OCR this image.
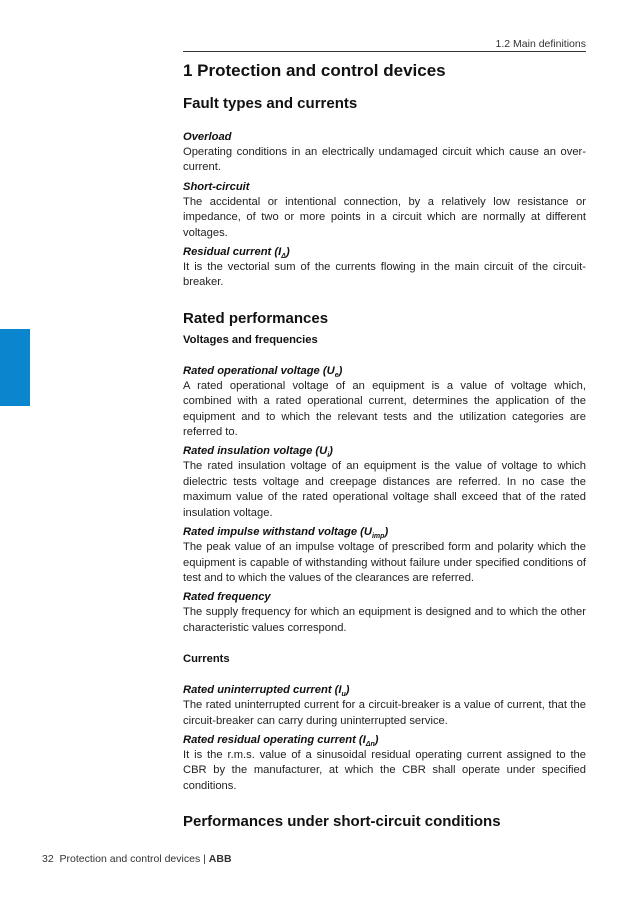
1.2 Main definitions
1 Protection and control devices
Fault types and currents
Overload
Operating conditions in an electrically undamaged circuit which cause an over-current.
Short-circuit
The accidental or intentional connection, by a relatively low resistance or impedance, of two or more points in a circuit which are normally at different voltages.
Residual current $(I_\Delta)$
It is the vectorial sum of the currents flowing in the main circuit of the circuit-breaker.
Rated performances
Voltages and frequencies
Rated operational voltage $(U_e)$
A rated operational voltage of an equipment is a value of voltage which, combined with a rated operational current, determines the application of the equipment and to which the relevant tests and the utilization categories are referred to.
Rated insulation voltage $(U_i)$
The rated insulation voltage of an equipment is the value of voltage to which dielectric tests voltage and creepage distances are referred. In no case the maximum value of the rated operational voltage shall exceed that of the rated insulation voltage.
Rated impulse withstand voltage $(U_{imp})$
The peak value of an impulse voltage of prescribed form and polarity which the equipment is capable of withstanding without failure under specified conditions of test and to which the values of the clearances are referred.
Rated frequency
The supply frequency for which an equipment is designed and to which the other characteristic values correspond.
Currents
Rated uninterrupted current $(I_u)$
The rated uninterrupted current for a circuit-breaker is a value of current, that the circuit-breaker can carry during uninterrupted service.
Rated residual operating current $(I_{\Delta n})$
It is the r.m.s. value of a sinusoidal residual operating current assigned to the CBR by the manufacturer, at which the CBR shall operate under specified conditions.
Performances under short-circuit conditions
32 Protection and control devices | ABB
